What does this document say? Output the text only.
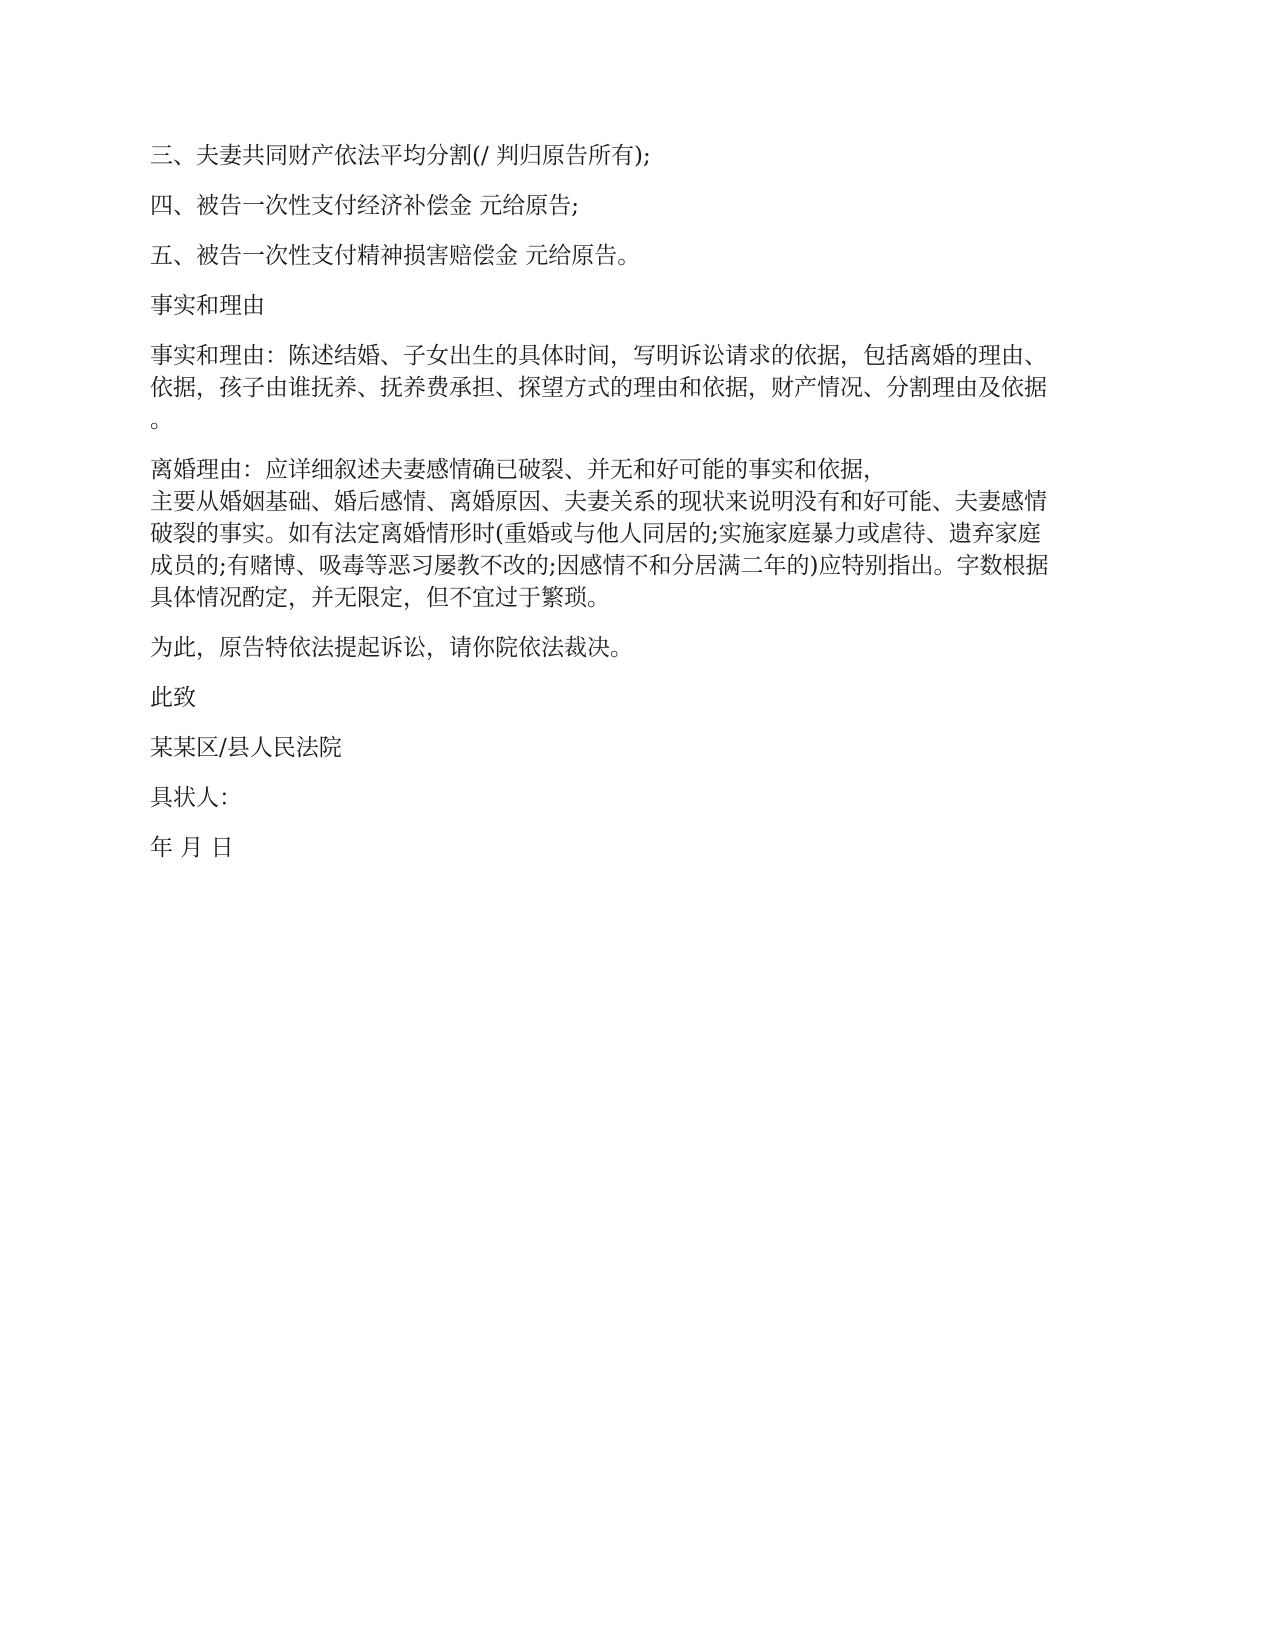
三、夫妻共同财产依法平均分割(/ 判归原告所有);

四、被告一次性支付经济补偿金 元给原告;

五、被告一次性支付精神损害赔偿金 元给原告。

事实和理由

事实和理由：陈述结婚、子女出生的具体时间，写明诉讼请求的依据，包括离婚的理由、
依据，孩子由谁抚养、抚养费承担、探望方式的理由和依据，财产情况、分割理由及依据
。

离婚理由：应详细叙述夫妻感情确已破裂、并无和好可能的事实和依据，
主要从婚姻基础、婚后感情、离婚原因、夫妻关系的现状来说明没有和好可能、夫妻感情
破裂的事实。如有法定离婚情形时(重婚或与他人同居的;实施家庭暴力或虐待、遗弃家庭
成员的;有赌博、吸毒等恶习屡教不改的;因感情不和分居满二年的)应特别指出。字数根据
具体情况酌定，并无限定，但不宜过于繁琐。

为此，原告特依法提起诉讼，请你院依法裁决。

此致

某某区/县人民法院

具状人：

年 月 日
